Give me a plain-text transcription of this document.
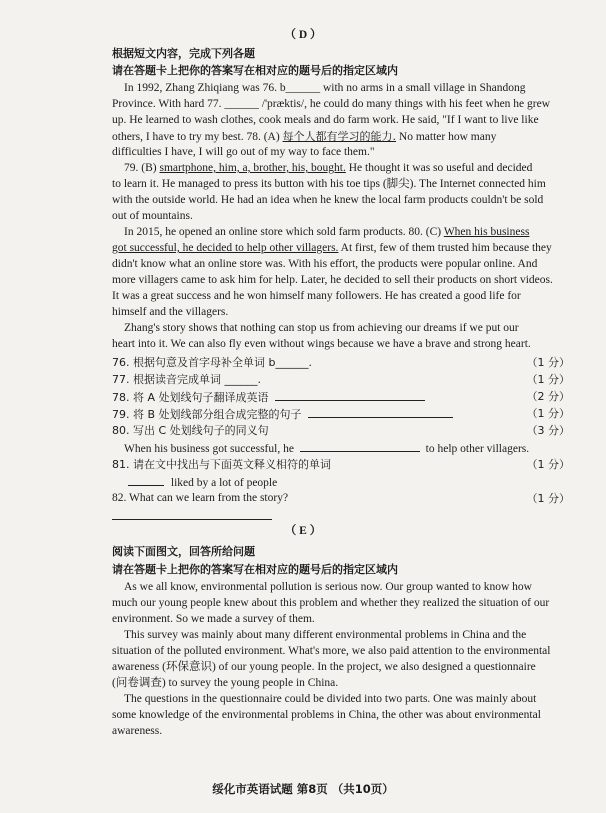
（ D ）
根据短文内容，完成下列各题
请在答题卡上把你的答案写在相对应的题号后的指定区域内
In 1992, Zhang Zhiqiang was 76. b______ with no arms in a small village in Shandong
Province. With hard 77. ______ /'præktis/, he could do many things with his feet when he grew
up. He learned to wash clothes, cook meals and do farm work. He said, "If I want to live like
others, I have to try my best. 78. (A) 每个人都有学习的能力. No matter how many
difficulties I have, I will go out of my way to face them."
79. (B) smartphone, him, a, brother, his, bought. He thought it was so useful and decided
to learn it. He managed to press its button with his toe tips (脚尖). The Internet connected him
with the outside world. He had an idea when he knew the local farm products couldn't be sold
out of mountains.
In 2015, he opened an online store which sold farm products. 80. (C) When his business
got successful, he decided to help other villagers. At first, few of them trusted him because they
didn't know what an online store was. With his effort, the products were popular online. And
more villagers came to ask him for help. Later, he decided to sell their products on short videos.
It was a great success and he won himself many followers. He has created a good life for
himself and the villagers.
Zhang's story shows that nothing can stop us from achieving our dreams if we put our
heart into it. We can also fly even without wings because we have a brave and strong heart.
76. 根据句意及首字母补全单词 b______.	（1 分）
77. 根据读音完成单词 ______.	（1 分）
78. 将 A 处划线句子翻译成英语	（2 分）
79. 将 B 处划线部分组合成完整的句子	（1 分）
80. 写出 C 处划线句子的同义句	（3 分）
When his business got successful, he	to help other villagers.
81. 请在文中找出与下面英文释义相符的单词	（1 分）
liked by a lot of people
82. What can we learn from the story?	（1 分）
（ E ）
阅读下面图文，回答所给问题
请在答题卡上把你的答案写在相对应的题号后的指定区域内
As we all know, environmental pollution is serious now. Our group wanted to know how
much our young people knew about this problem and whether they realized the situation of our
environment. So we made a survey of them.
This survey was mainly about many different environmental problems in China and the
situation of the polluted environment. What's more, we also paid attention to the environmental
awareness (环保意识) of our young people. In the project, we also designed a questionnaire
(问卷调查) to survey the young people in China.
The questions in the questionnaire could be divided into two parts. One was mainly about
some knowledge of the environmental problems in China, the other was about environmental
awareness.
绥化市英语试题 第8页 （共10页）
